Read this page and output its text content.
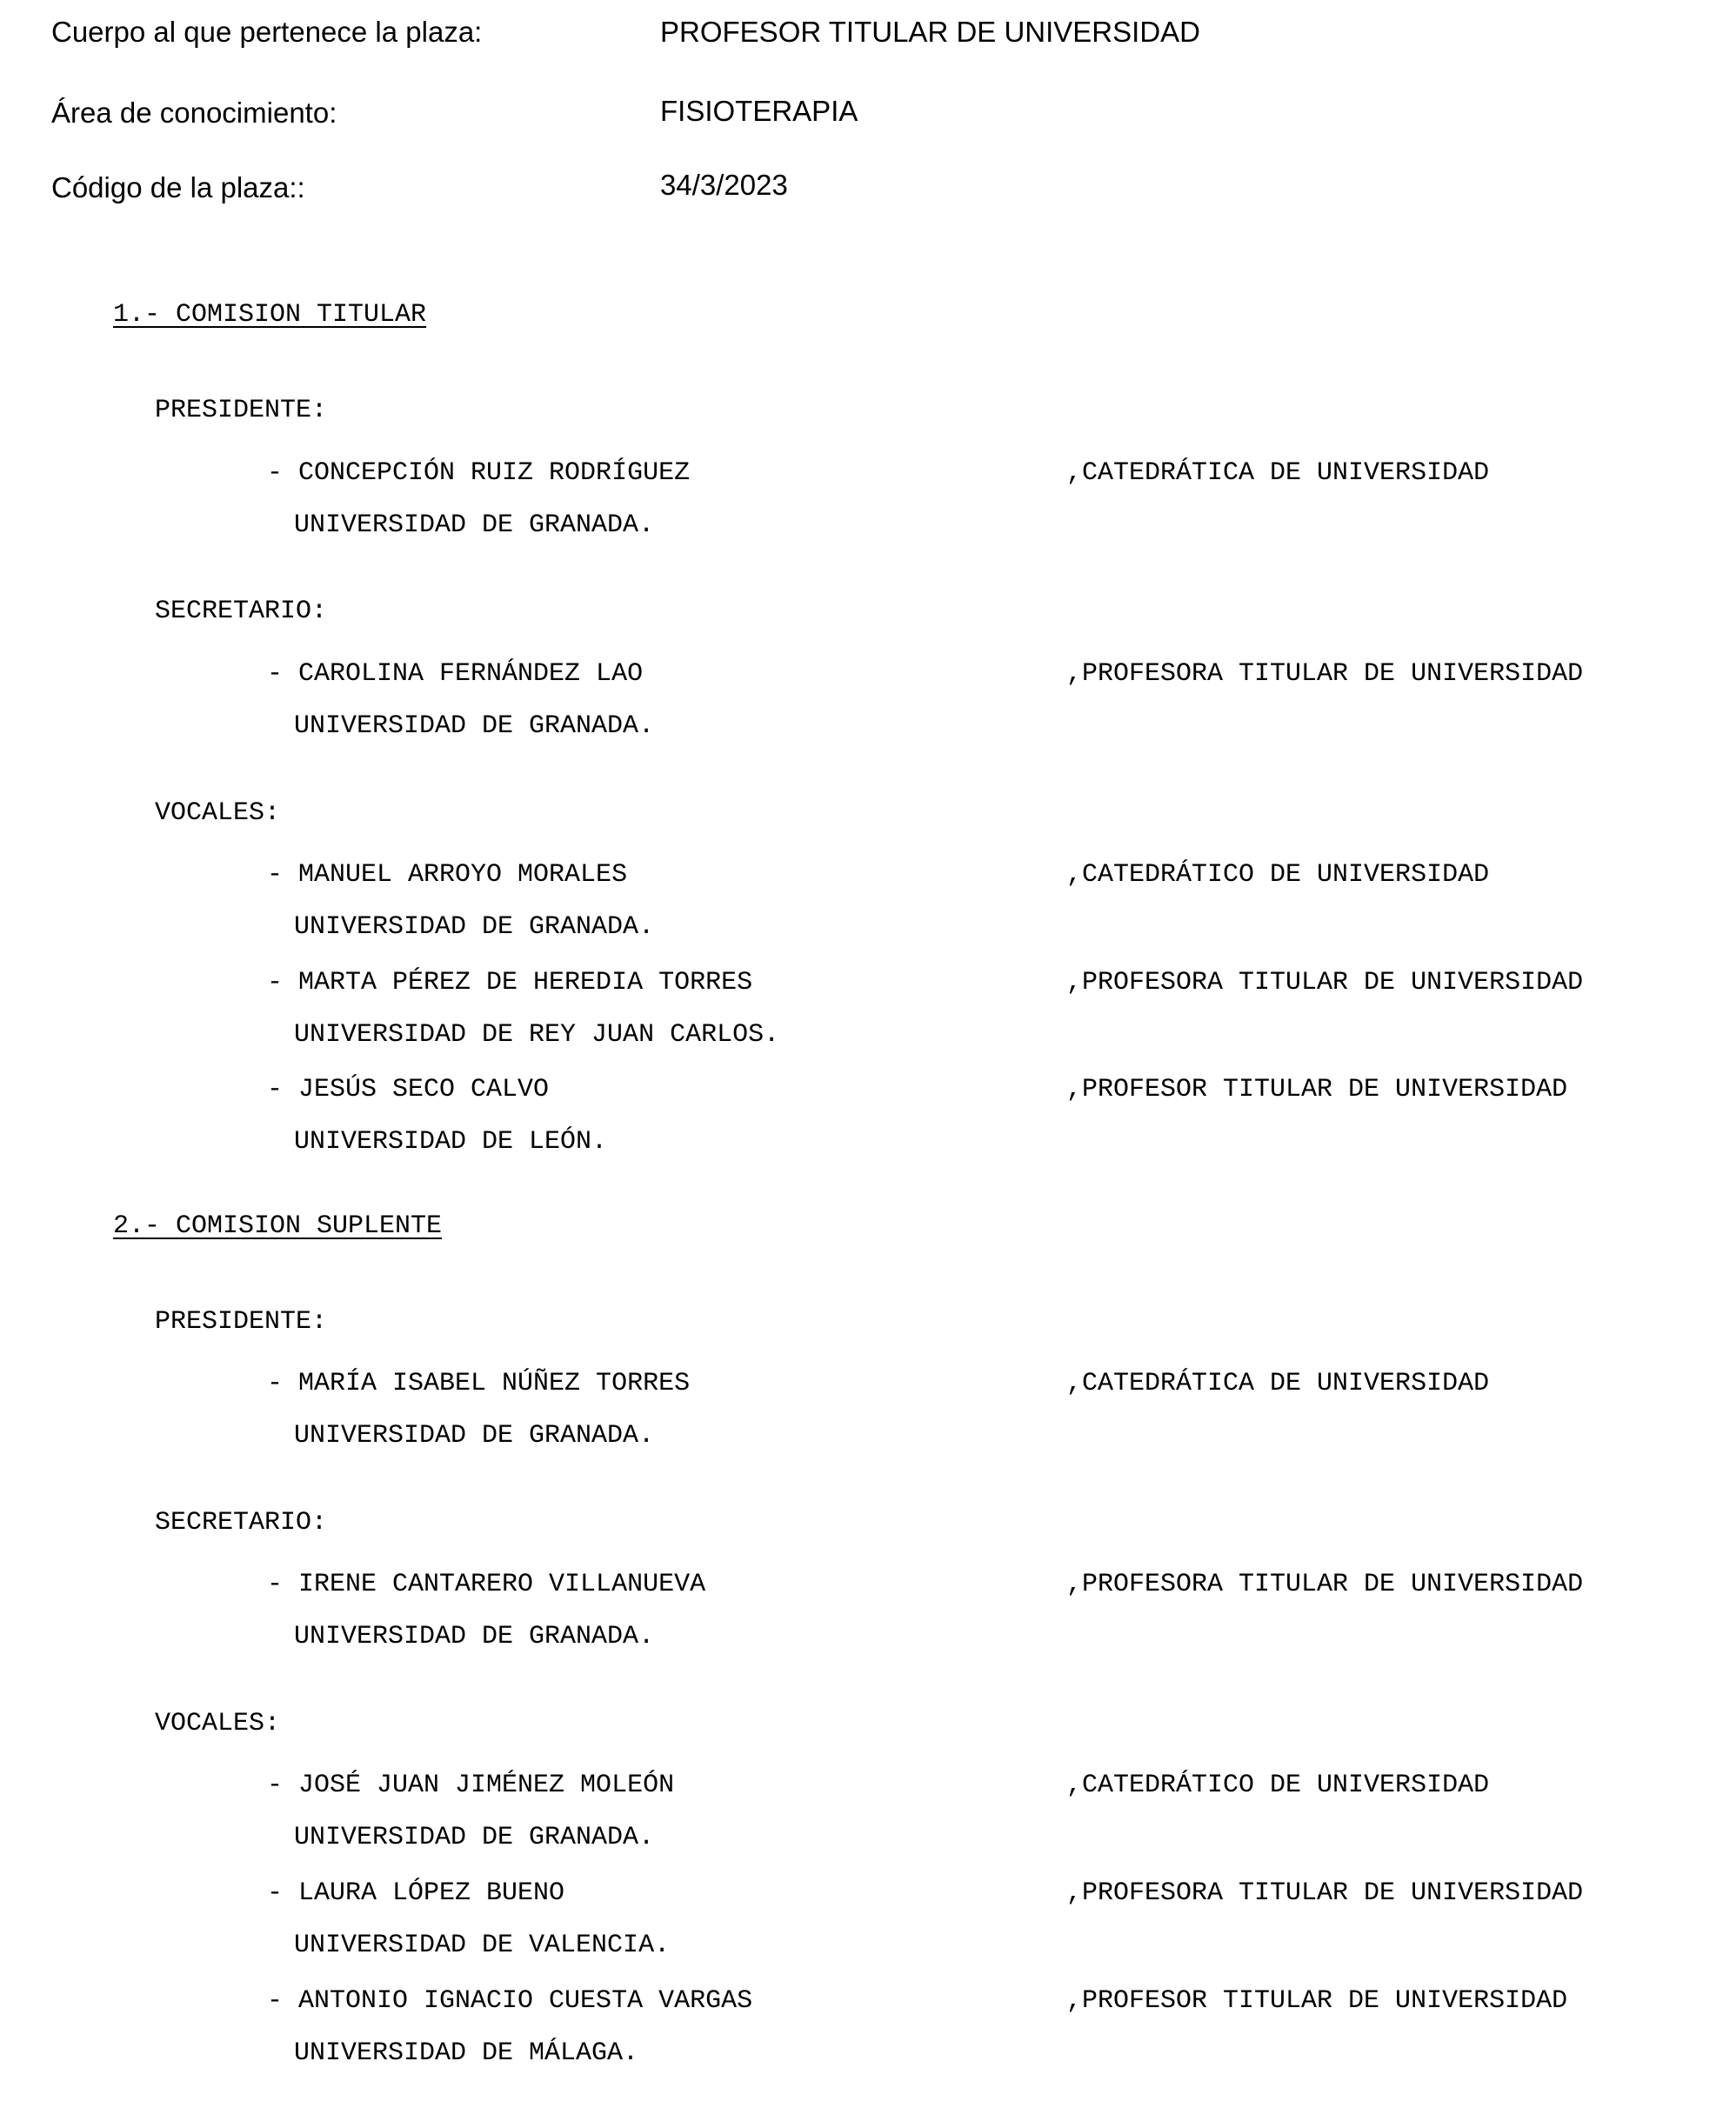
Cuerpo al que pertenece la plaza:	PROFESOR TITULAR DE UNIVERSIDAD
Área de conocimiento:	FISIOTERAPIA
Código de la plaza::	34/3/2023
1.- COMISION TITULAR
PRESIDENTE:
- CONCEPCIÓN RUIZ RODRÍGUEZ	,CATEDRÁTICA DE UNIVERSIDAD
UNIVERSIDAD DE GRANADA.
SECRETARIO:
- CAROLINA FERNÁNDEZ LAO	,PROFESORA TITULAR DE UNIVERSIDAD
UNIVERSIDAD DE GRANADA.
VOCALES:
- MANUEL ARROYO MORALES	,CATEDRÁTICO DE UNIVERSIDAD
UNIVERSIDAD DE GRANADA.
- MARTA PÉREZ DE HEREDIA TORRES	,PROFESORA TITULAR DE UNIVERSIDAD
UNIVERSIDAD DE REY JUAN CARLOS.
- JESÚS SECO CALVO	,PROFESOR TITULAR DE UNIVERSIDAD
UNIVERSIDAD DE LEÓN.
2.- COMISION SUPLENTE
PRESIDENTE:
- MARÍA ISABEL NÚÑEZ TORRES	,CATEDRÁTICA DE UNIVERSIDAD
UNIVERSIDAD DE GRANADA.
SECRETARIO:
- IRENE CANTARERO VILLANUEVA	,PROFESORA TITULAR DE UNIVERSIDAD
UNIVERSIDAD DE GRANADA.
VOCALES:
- JOSÉ JUAN JIMÉNEZ MOLEÓN	,CATEDRÁTICO DE UNIVERSIDAD
UNIVERSIDAD DE GRANADA.
- LAURA LÓPEZ BUENO	,PROFESORA TITULAR DE UNIVERSIDAD
UNIVERSIDAD DE VALENCIA.
- ANTONIO IGNACIO CUESTA VARGAS	,PROFESOR TITULAR DE UNIVERSIDAD
UNIVERSIDAD DE MÁLAGA.
